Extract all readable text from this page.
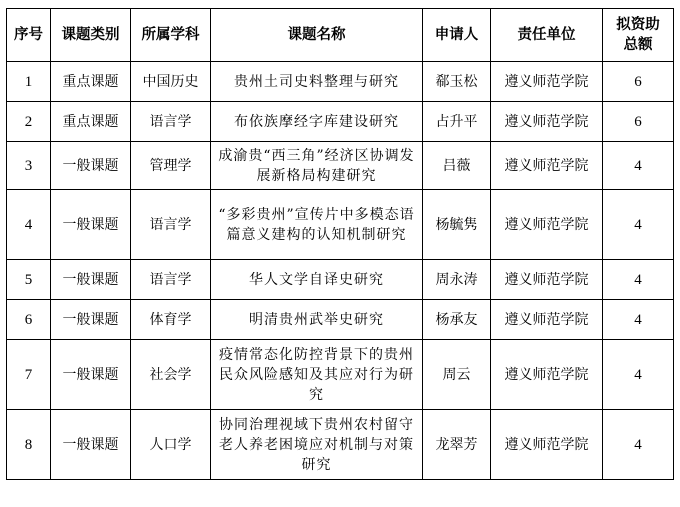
序号	课题类别	所属学科	课题名称	申请人	责任单位	拟资助总额
1	重点课题	中国历史	贵州土司史料整理与研究	郗玉松	遵义师范学院	6
2	重点课题	语言学	布依族摩经字库建设研究	占升平	遵义师范学院	6
3	一般课题	管理学	成渝贵“西三角”经济区协调发展新格局构建研究	吕薇	遵义师范学院	4
4	一般课题	语言学	“多彩贵州”宣传片中多模态语篇意义建构的认知机制研究	杨毓隽	遵义师范学院	4
5	一般课题	语言学	华人文学自译史研究	周永涛	遵义师范学院	4
6	一般课题	体育学	明清贵州武举史研究	杨承友	遵义师范学院	4
7	一般课题	社会学	疫情常态化防控背景下的贵州民众风险感知及其应对行为研究	周云	遵义师范学院	4
8	一般课题	人口学	协同治理视域下贵州农村留守老人养老困境应对机制与对策研究	龙翠芳	遵义师范学院	4
